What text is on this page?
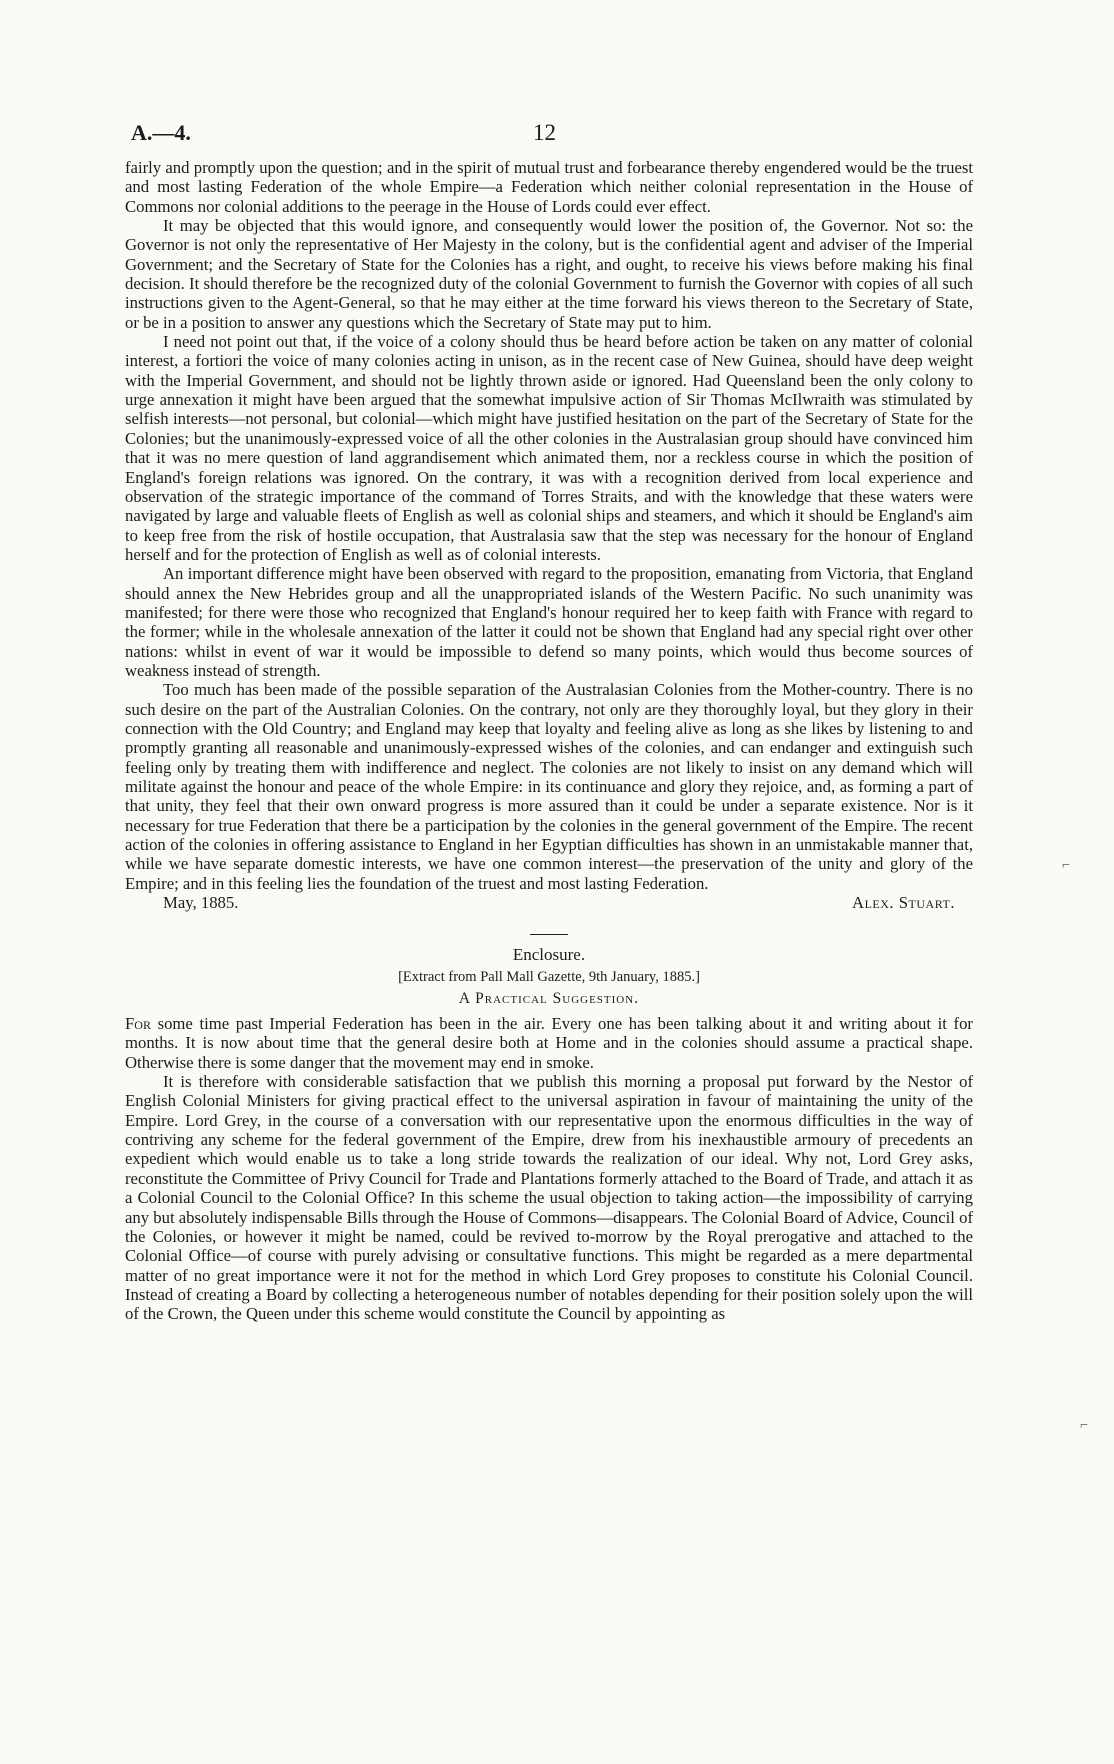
A.—4.	12

fairly and promptly upon the question; and in the spirit of mutual trust and forbearance thereby engendered would be the truest and most lasting Federation of the whole Empire—a Federation which neither colonial representation in the House of Commons nor colonial additions to the peerage in the House of Lords could ever effect.

It may be objected that this would ignore, and consequently would lower the position of, the Governor. Not so: the Governor is not only the representative of Her Majesty in the colony, but is the confidential agent and adviser of the Imperial Government; and the Secretary of State for the Colonies has a right, and ought, to receive his views before making his final decision. It should therefore be the recognized duty of the colonial Government to furnish the Governor with copies of all such instructions given to the Agent-General, so that he may either at the time forward his views thereon to the Secretary of State, or be in a position to answer any questions which the Secretary of State may put to him.

I need not point out that, if the voice of a colony should thus be heard before action be taken on any matter of colonial interest, a fortiori the voice of many colonies acting in unison, as in the recent case of New Guinea, should have deep weight with the Imperial Government, and should not be lightly thrown aside or ignored. Had Queensland been the only colony to urge annexation it might have been argued that the somewhat impulsive action of Sir Thomas McIlwraith was stimulated by selfish interests—not personal, but colonial—which might have justified hesitation on the part of the Secretary of State for the Colonies; but the unanimously-expressed voice of all the other colonies in the Australasian group should have convinced him that it was no mere question of land aggrandisement which animated them, nor a reckless course in which the position of England's foreign relations was ignored. On the contrary, it was with a recognition derived from local experience and observation of the strategic importance of the command of Torres Straits, and with the knowledge that these waters were navigated by large and valuable fleets of English as well as colonial ships and steamers, and which it should be England's aim to keep free from the risk of hostile occupation, that Australasia saw that the step was necessary for the honour of England herself and for the protection of English as well as of colonial interests.

An important difference might have been observed with regard to the proposition, emanating from Victoria, that England should annex the New Hebrides group and all the unappropriated islands of the Western Pacific. No such unanimity was manifested; for there were those who recognized that England's honour required her to keep faith with France with regard to the former; while in the wholesale annexation of the latter it could not be shown that England had any special right over other nations: whilst in event of war it would be impossible to defend so many points, which would thus become sources of weakness instead of strength.

Too much has been made of the possible separation of the Australasian Colonies from the Mother-country. There is no such desire on the part of the Australian Colonies. On the contrary, not only are they thoroughly loyal, but they glory in their connection with the Old Country; and England may keep that loyalty and feeling alive as long as she likes by listening to and promptly granting all reasonable and unanimously-expressed wishes of the colonies, and can endanger and extinguish such feeling only by treating them with indifference and neglect. The colonies are not likely to insist on any demand which will militate against the honour and peace of the whole Empire: in its continuance and glory they rejoice, and, as forming a part of that unity, they feel that their own onward progress is more assured than it could be under a separate existence. Nor is it necessary for true Federation that there be a participation by the colonies in the general government of the Empire. The recent action of the colonies in offering assistance to England in her Egyptian difficulties has shown in an unmistakable manner that, while we have separate domestic interests, we have one common interest—the preservation of the unity and glory of the Empire; and in this feeling lies the foundation of the truest and most lasting Federation.

May, 1885.	Alex. Stuart.
Enclosure.
[Extract from Pall Mall Gazette, 9th January, 1885.]
A Practical Suggestion.

For some time past Imperial Federation has been in the air. Every one has been talking about it and writing about it for months. It is now about time that the general desire both at Home and in the colonies should assume a practical shape. Otherwise there is some danger that the movement may end in smoke.

It is therefore with considerable satisfaction that we publish this morning a proposal put forward by the Nestor of English Colonial Ministers for giving practical effect to the universal aspiration in favour of maintaining the unity of the Empire. Lord Grey, in the course of a conversation with our representative upon the enormous difficulties in the way of contriving any scheme for the federal government of the Empire, drew from his inexhaustible armoury of precedents an expedient which would enable us to take a long stride towards the realization of our ideal. Why not, Lord Grey asks, reconstitute the Committee of Privy Council for Trade and Plantations formerly attached to the Board of Trade, and attach it as a Colonial Council to the Colonial Office? In this scheme the usual objection to taking action—the impossibility of carrying any but absolutely indispensable Bills through the House of Commons—disappears. The Colonial Board of Advice, Council of the Colonies, or however it might be named, could be revived to-morrow by the Royal prerogative and attached to the Colonial Office—of course with purely advising or consultative functions. This might be regarded as a mere departmental matter of no great importance were it not for the method in which Lord Grey proposes to constitute his Colonial Council. Instead of creating a Board by collecting a heterogeneous number of notables depending for their position solely upon the will of the Crown, the Queen under this scheme would constitute the Council by appointing as

⌐
⌐
